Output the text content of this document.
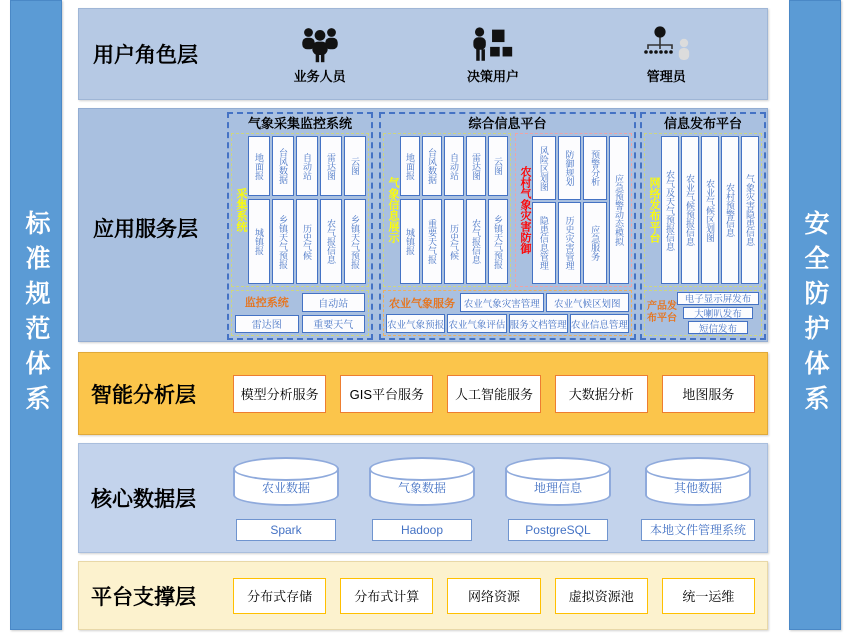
标准规范体系	安全防护体系
用户角色层
业务人员	决策用户	管理员
应用服务层
气象采集监控系统
采集系统
地面报	台风数据	自动站	雷达图	云图
城镇报	乡镇天气预报	历史气候	农气报信息	乡镇天气预报
监控系统	自动站
雷达图	重要天气
综合信息平台
气象信息展示
地面报	台风数据	自动站	雷达图	云图
城镇报	重要天气报	历史气候	农气报信息	乡镇天气预报	农村气象灾害防御 风险区划图	防御规划	预警分析
隐患信息管理	历史灾害管理	应急服务	应急预警动态模拟
农业气象服务 农业气象灾害管理	农业气候区划图
农业气象预报 农业气象评估 服务文档管理 农业信息管理
信息发布平台
网络发布平台 农气及天气预报信息	农业气候预报信息	农业气候区划图	农村预警信息	气象灾害隐患信息
产品发布平台
电子显示屏发布
大喇叭发布
短信发布
智能分析层	模型分析服务	GIS平台服务	人工智能服务	大数据分析	地图服务
核心数据层
农业数据
Spark
气象数据
Hadoop
地理信息
PostgreSQL
其他数据
本地文件管理系统
平台支撑层	分布式存储	分布式计算	网络资源	虚拟资源池	统一运维
